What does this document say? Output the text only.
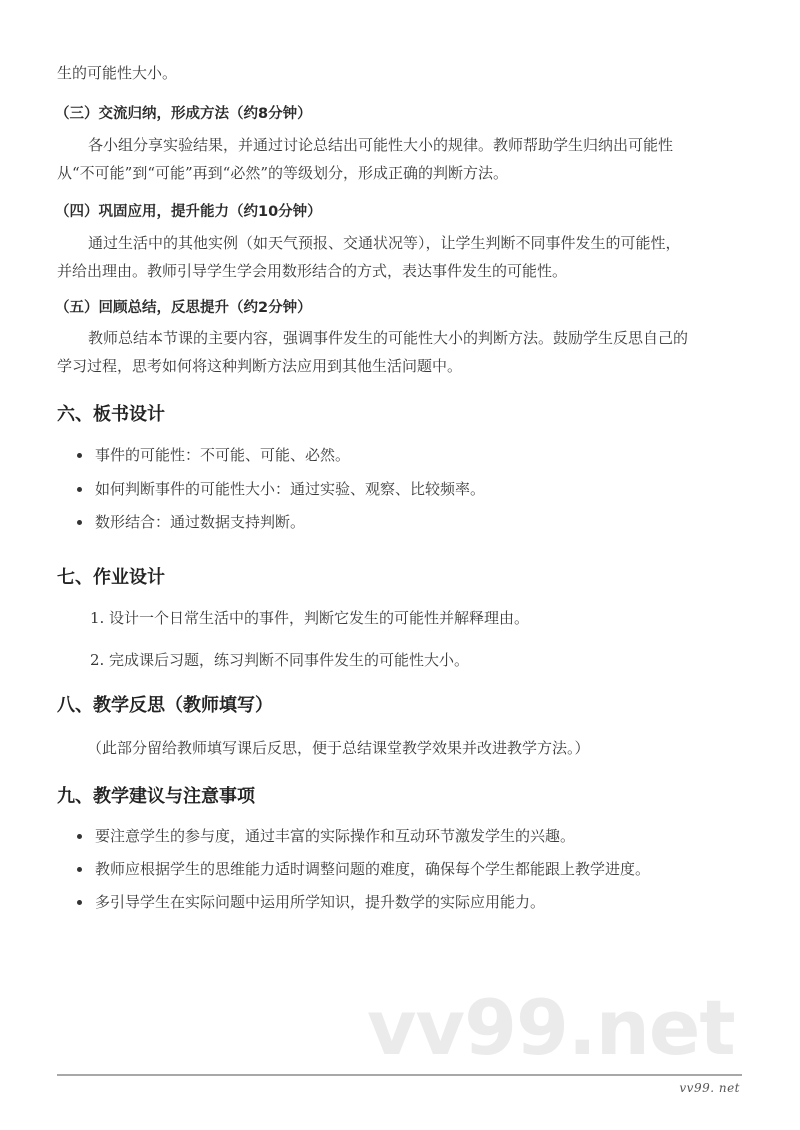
生的可能性大小。

（三）交流归纳，形成方法（约8分钟）

各小组分享实验结果，并通过讨论总结出可能性大小的规律。教师帮助学生归纳出可能性

从“不可能”到“可能”再到“必然”的等级划分，形成正确的判断方法。

（四）巩固应用，提升能力（约10分钟）

通过生活中的其他实例（如天气预报、交通状况等），让学生判断不同事件发生的可能性，

并给出理由。教师引导学生学会用数形结合的方式，表达事件发生的可能性。

（五）回顾总结，反思提升（约2分钟）

教师总结本节课的主要内容，强调事件发生的可能性大小的判断方法。鼓励学生反思自己的

学习过程，思考如何将这种判断方法应用到其他生活问题中。

六、板书设计
事件的可能性：不可能、可能、必然。
如何判断事件的可能性大小：通过实验、观察、比较频率。
数形结合：通过数据支持判断。
七、作业设计
1. 设计一个日常生活中的事件，判断它发生的可能性并解释理由。
2. 完成课后习题，练习判断不同事件发生的可能性大小。
八、教学反思（教师填写）

（此部分留给教师填写课后反思，便于总结课堂教学效果并改进教学方法。）

九、教学建议与注意事项
要注意学生的参与度，通过丰富的实际操作和互动环节激发学生的兴趣。
教师应根据学生的思维能力适时调整问题的难度，确保每个学生都能跟上教学进度。
多引导学生在实际问题中运用所学知识，提升数学的实际应用能力。
vv99.net
vv99. net
